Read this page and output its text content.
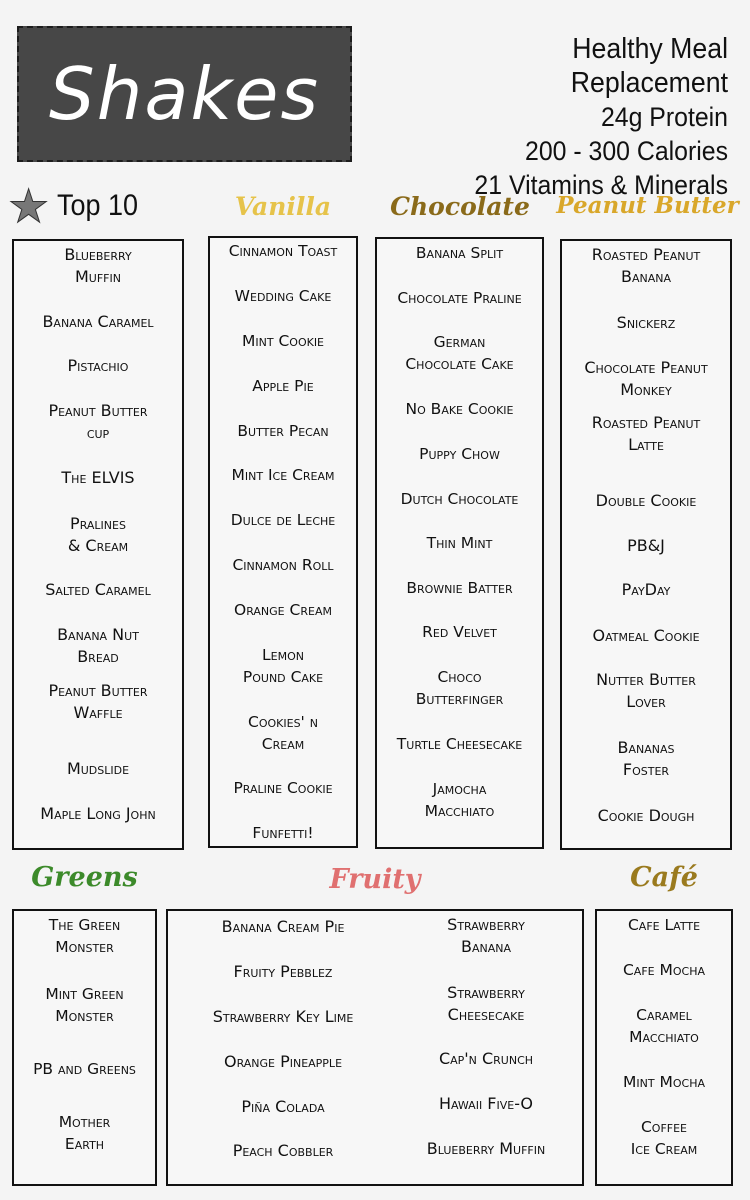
Shakes
Healthy Meal Replacement
24g Protein
200 - 300 Calories
21 Vitamins & Minerals
★ Top 10	Vanilla	Chocolate	Peanut Butter
Blueberry
Muffin
Banana Caramel
Pistachio
Peanut Butter
cup
The ELVIS
Pralines
& Cream
Salted Caramel
Banana Nut
Bread
Peanut Butter
Waffle
Mudslide
Maple Long John
Cinnamon Toast
Wedding Cake
Mint Cookie
Apple Pie
Butter Pecan
Mint Ice Cream
Dulce de Leche
Cinnamon Roll
Orange Cream
Lemon
Pound Cake
Cookies' n
Cream
Praline Cookie
Funfetti!
Banana Split
Chocolate Praline
German
Chocolate Cake
No Bake Cookie
Puppy Chow
Dutch Chocolate
Thin Mint
Brownie Batter
Red Velvet
Choco
Butterfinger
Turtle Cheesecake
Jamocha
Macchiato
Roasted Peanut
Banana
Snickerz
Chocolate Peanut
Monkey
Roasted Peanut
Latte
Double Cookie
PB&J
PayDay
Oatmeal Cookie
Nutter Butter
Lover
Bananas
Foster
Cookie Dough
Greens	Fruity	Café
The Green
Monster
Mint Green
Monster
PB and Greens
Mother
Earth
Banana Cream Pie
Fruity Pebblez
Strawberry Key Lime
Orange Pineapple
Piña Colada
Peach Cobbler
Strawberry
Banana
Strawberry
Cheesecake
Cap'n Crunch
Hawaii Five-O
Blueberry Muffin
Cafe Latte
Cafe Mocha
Caramel
Macchiato
Mint Mocha
Coffee
Ice Cream
